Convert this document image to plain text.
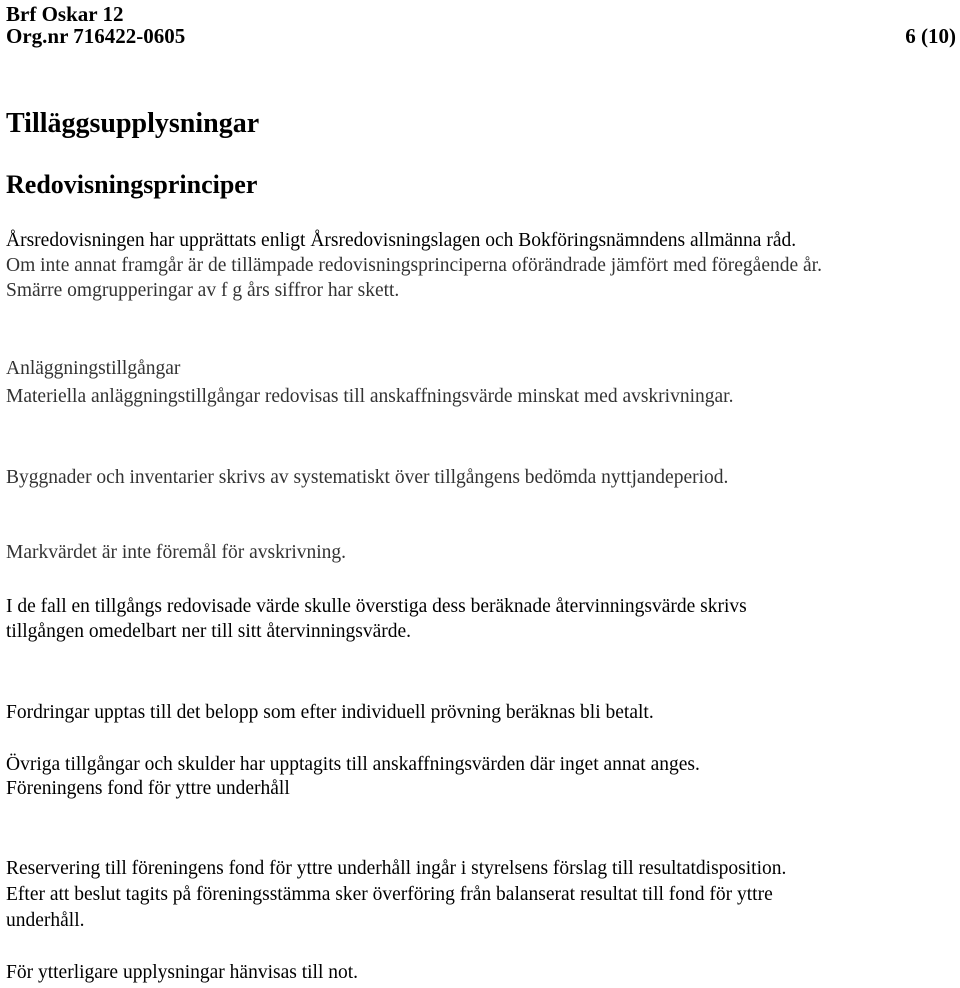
Brf Oskar 12
Org.nr 716422-0605	6 (10)
Tilläggsupplysningar
Redovisningsprinciper

Årsredovisningen har upprättats enligt Årsredovisningslagen och Bokföringsnämndens allmänna råd.

Om inte annat framgår är de tillämpade redovisningsprinciperna oförändrade jämfört med föregående år.

Smärre omgrupperingar av f g års siffror har skett.

Anläggningstillgångar

Materiella anläggningstillgångar redovisas till anskaffningsvärde minskat med avskrivningar.

Byggnader och inventarier skrivs av systematiskt över tillgångens bedömda nyttjandeperiod.

Markvärdet är inte föremål för avskrivning.

I de fall en tillgångs redovisade värde skulle överstiga dess beräknade återvinningsvärde skrivs

tillgången omedelbart ner till sitt återvinningsvärde.

Fordringar upptas till det belopp som efter individuell prövning beräknas bli betalt.

Övriga tillgångar och skulder har upptagits till anskaffningsvärden där inget annat anges.

Föreningens fond för yttre underhåll

Reservering till föreningens fond för yttre underhåll ingår i styrelsens förslag till resultatdisposition.

Efter att beslut tagits på föreningsstämma sker överföring från balanserat resultat till fond för yttre

underhåll.

För ytterligare upplysningar hänvisas till not.
